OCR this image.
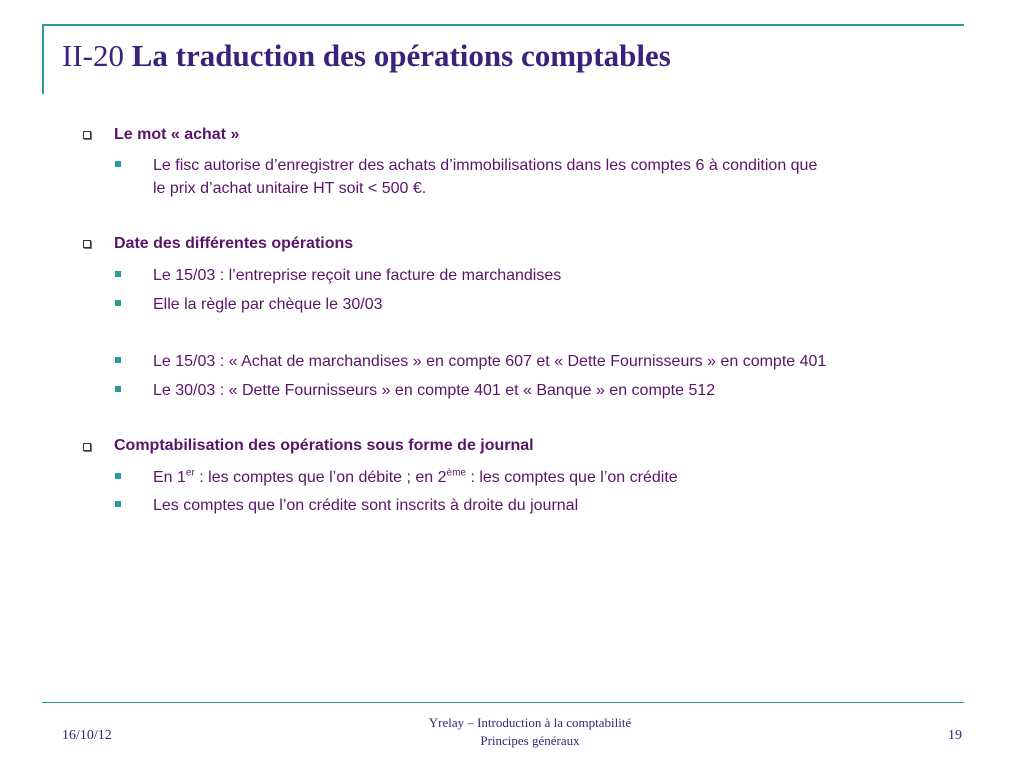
II-20 La traduction des opérations comptables
Le mot « achat »
Le fisc autorise d’enregistrer des achats d’immobilisations dans les comptes 6 à condition que
le prix d’achat unitaire HT soit < 500 €.
Date des différentes opérations
Le 15/03 : l’entreprise reçoit une facture de marchandises
Elle la règle par chèque le 30/03
Le 15/03 : « Achat de marchandises » en compte 607 et « Dette Fournisseurs » en compte 401
Le 30/03 : « Dette Fournisseurs » en compte 401 et « Banque » en compte 512
Comptabilisation des opérations sous forme de journal
En 1er : les comptes que l’on débite ; en 2ème : les comptes que l’on crédite
Les comptes que l’on crédite sont inscrits à droite du journal
16/10/12
Yrelay – Introduction à la comptabilité
Principes généraux	19
